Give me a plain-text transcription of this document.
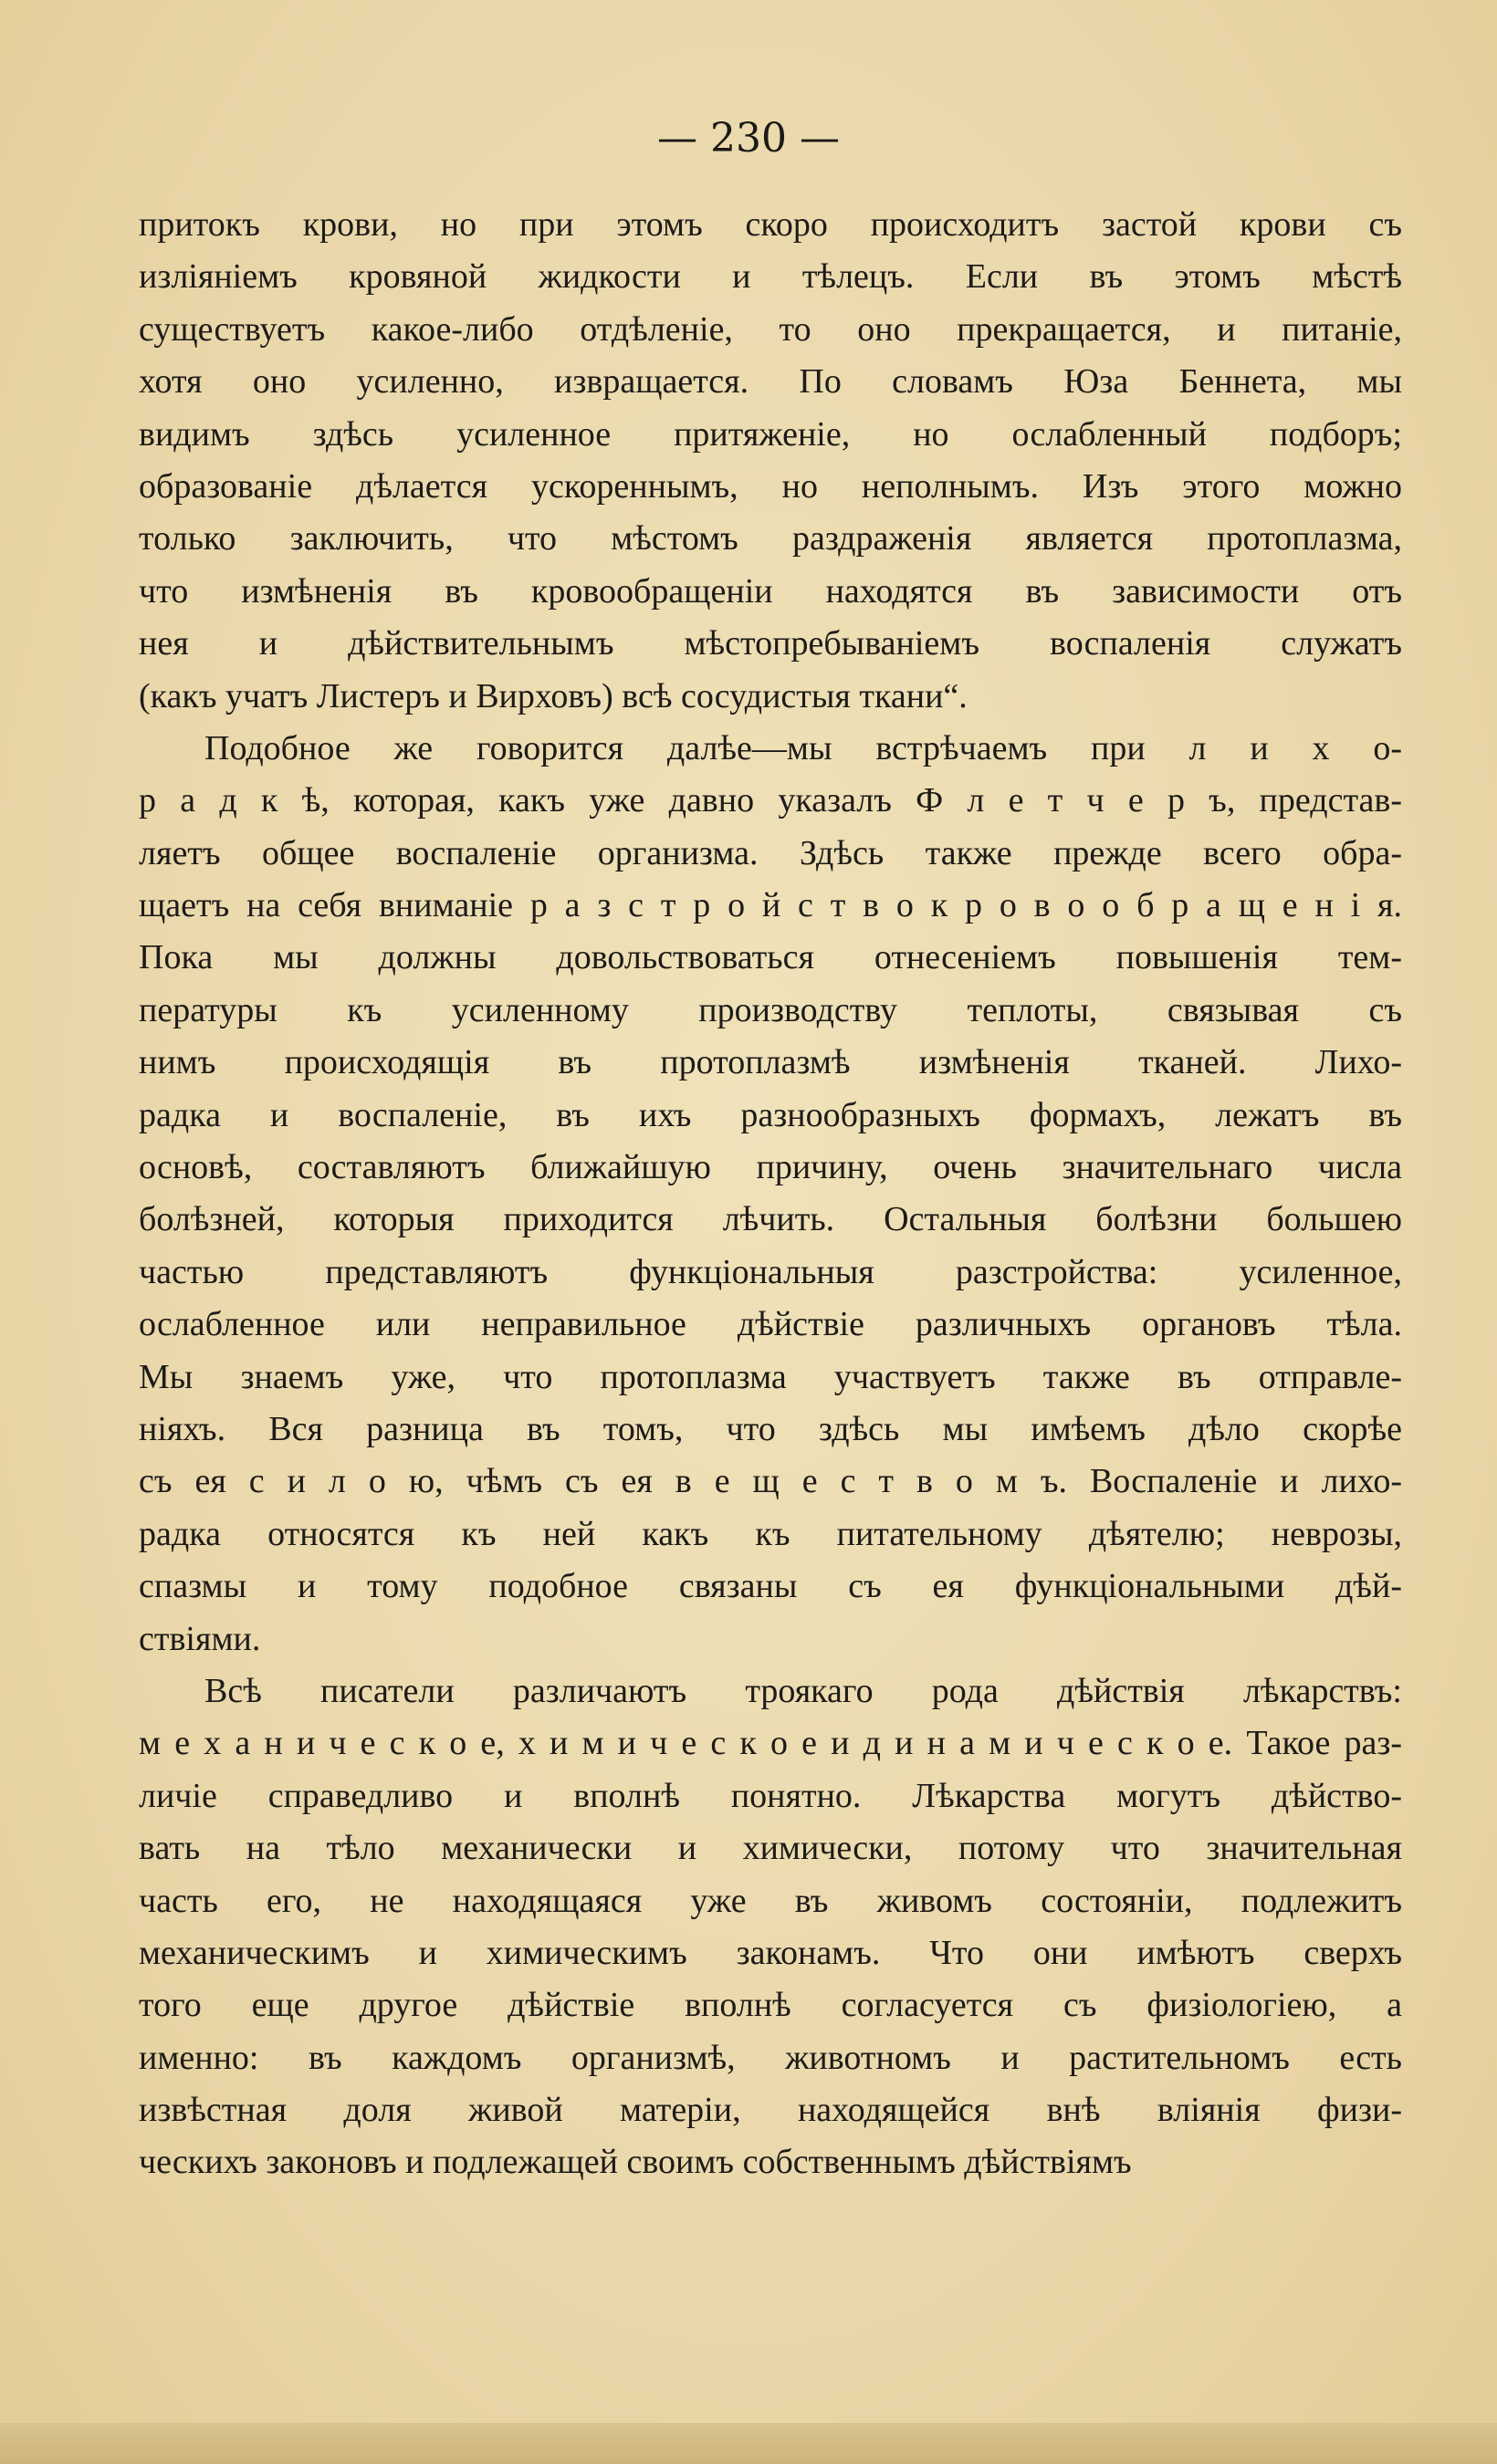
— 230 —
притокъ крови, но при этомъ скоро происходитъ застой крови съ
изліяніемъ кровяной жидкости и тѣлецъ. Если въ этомъ мѣстѣ
существуетъ какое-либо отдѣленіе, то оно прекращается, и питаніе,
хотя оно усиленно, извращается. По словамъ Юза Беннета, мы
видимъ здѣсь усиленное притяженіе, но ослабленный подборъ;
образованіе дѣлается ускореннымъ, но неполнымъ. Изъ этого можно
только заключить, что мѣстомъ раздраженія является протоплазма,
что измѣненія въ кровообращеніи находятся въ зависимости отъ
нея и дѣйствительнымъ мѣстопребываніемъ воспаленія служатъ
(какъ учатъ Листеръ и Вирховъ) всѣ сосудистыя ткани“.
Подобное же говорится далѣе—мы встрѣчаемъ при л и х о-
р а д к ѣ, которая, какъ уже давно указалъ Ф л е т ч е р ъ, представ-
ляетъ общее воспаленіе организма. Здѣсь также прежде всего обра-
щаетъ на себя вниманіе р а з с т р о й с т в о к р о в о о б р а щ е н і я.
Пока мы должны довольствоваться отнесеніемъ повышенія тем-
пературы къ усиленному производству теплоты, связывая съ
нимъ происходящія въ протоплазмѣ измѣненія тканей. Лихо-
радка и воспаленіе, въ ихъ разнообразныхъ формахъ, лежатъ въ
основѣ, составляютъ ближайшую причину, очень значительнаго числа
болѣзней, которыя приходится лѣчить. Остальныя болѣзни большею
частью представляютъ функціональныя разстройства: усиленное,
ослабленное или неправильное дѣйствіе различныхъ органовъ тѣла.
Мы знаемъ уже, что протоплазма участвуетъ также въ отправле-
ніяхъ. Вся разница въ томъ, что здѣсь мы имѣемъ дѣло скорѣе
съ ея с и л о ю, чѣмъ съ ея в е щ е с т в о м ъ. Воспаленіе и лихо-
радка относятся къ ней какъ къ питательному дѣятелю; неврозы,
спазмы и тому подобное связаны съ ея функціональными дѣй-
ствіями.
Всѣ писатели различаютъ троякаго рода дѣйствія лѣкарствъ:
м е х а н и ч е с к о е, х и м и ч е с к о е и д и н а м и ч е с к о е. Такое раз-
личіе справедливо и вполнѣ понятно. Лѣкарства могутъ дѣйство-
вать на тѣло механически и химически, потому что значительная
часть его, не находящаяся уже въ живомъ состояніи, подлежитъ
механическимъ и химическимъ законамъ. Что они имѣютъ сверхъ
того еще другое дѣйствіе вполнѣ согласуется съ физіологіею, а
именно: въ каждомъ организмѣ, животномъ и растительномъ есть
извѣстная доля живой матеріи, находящейся внѣ вліянія физи-
ческихъ законовъ и подлежащей своимъ собственнымъ дѣйствіямъ
